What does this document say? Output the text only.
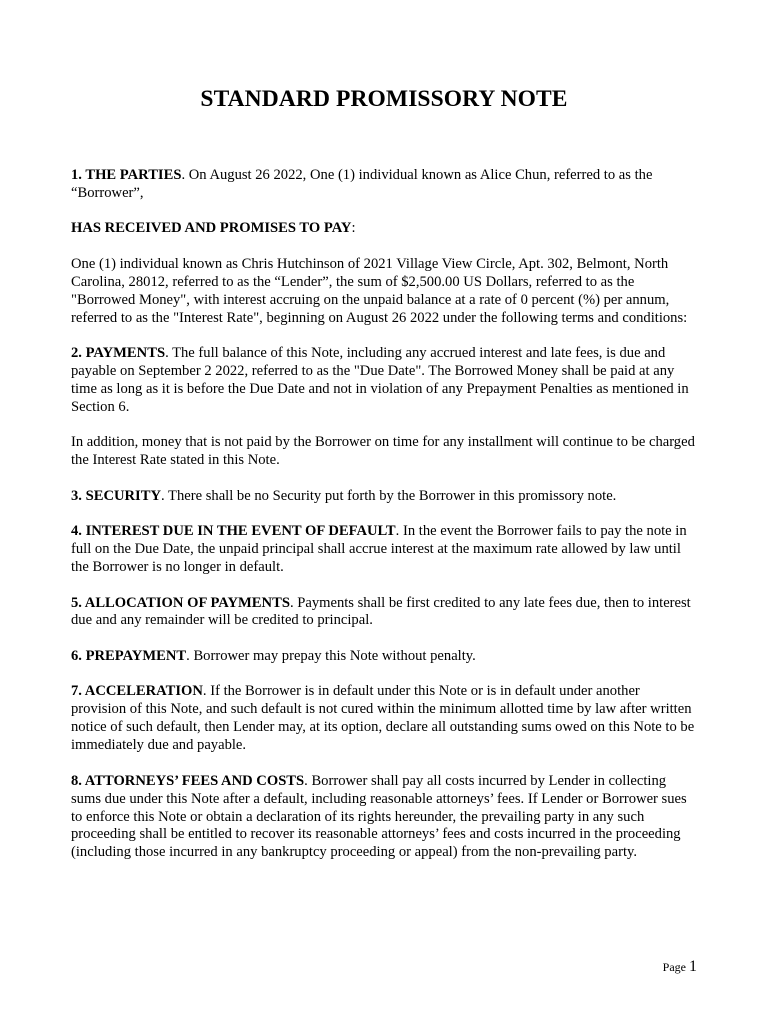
STANDARD PROMISSORY NOTE

1. THE PARTIES. On August 26 2022, One (1) individual known as Alice Chun, referred to as the “Borrower”,

HAS RECEIVED AND PROMISES TO PAY:

One (1) individual known as Chris Hutchinson of 2021 Village View Circle, Apt. 302, Belmont, North Carolina, 28012, referred to as the “Lender”, the sum of $2,500.00 US Dollars, referred to as the "Borrowed Money", with interest accruing on the unpaid balance at a rate of 0 percent (%) per annum, referred to as the "Interest Rate", beginning on August 26 2022 under the following terms and conditions:

2. PAYMENTS. The full balance of this Note, including any accrued interest and late fees, is due and payable on September 2 2022, referred to as the "Due Date". The Borrowed Money shall be paid at any time as long as it is before the Due Date and not in violation of any Prepayment Penalties as mentioned in Section 6.

In addition, money that is not paid by the Borrower on time for any installment will continue to be charged the Interest Rate stated in this Note.

3. SECURITY. There shall be no Security put forth by the Borrower in this promissory note.

4. INTEREST DUE IN THE EVENT OF DEFAULT. In the event the Borrower fails to pay the note in full on the Due Date, the unpaid principal shall accrue interest at the maximum rate allowed by law until the Borrower is no longer in default.

5. ALLOCATION OF PAYMENTS. Payments shall be first credited to any late fees due, then to interest due and any remainder will be credited to principal.

6. PREPAYMENT. Borrower may prepay this Note without penalty.

7. ACCELERATION. If the Borrower is in default under this Note or is in default under another provision of this Note, and such default is not cured within the minimum allotted time by law after written notice of such default, then Lender may, at its option, declare all outstanding sums owed on this Note to be immediately due and payable.

8. ATTORNEYS’ FEES AND COSTS. Borrower shall pay all costs incurred by Lender in collecting sums due under this Note after a default, including reasonable attorneys’ fees. If Lender or Borrower sues to enforce this Note or obtain a declaration of its rights hereunder, the prevailing party in any such proceeding shall be entitled to recover its reasonable attorneys’ fees and costs incurred in the proceeding (including those incurred in any bankruptcy proceeding or appeal) from the non-prevailing party.

Page 1
